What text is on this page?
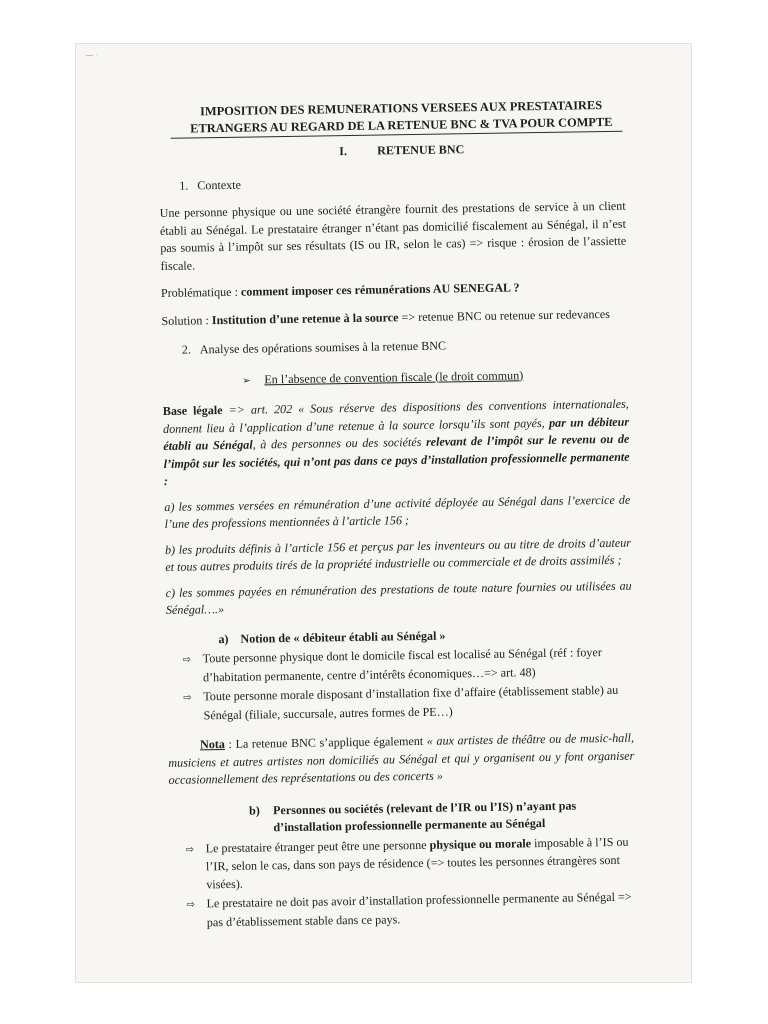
— ·
IMPOSITION DES REMUNERATIONS VERSEES AUX PRESTATAIRES
ETRANGERS AU REGARD DE LA RETENUE BNC & TVA POUR COMPTE
I. RETENUE BNC
1. Contexte

Une personne physique ou une société étrangère fournit des prestations de service à un client établi au Sénégal. Le prestataire étranger n’étant pas domicilié fiscalement au Sénégal, il n’est pas soumis à l’impôt sur ses résultats (IS ou IR, selon le cas) => risque : érosion de l’assiette fiscale.

Problématique : comment imposer ces rémunérations AU SENEGAL ?

Solution : Institution d’une retenue à la source => retenue BNC ou retenue sur redevances

2. Analyse des opérations soumises à la retenue BNC
➢ En l’absence de convention fiscale (le droit commun)

Base légale => art. 202 « Sous réserve des dispositions des conventions internationales, donnent lieu à l’application d’une retenue à la source lorsqu’ils sont payés, par un débiteur établi au Sénégal, à des personnes ou des sociétés relevant de l’impôt sur le revenu ou de l’impôt sur les sociétés, qui n’ont pas dans ce pays d’installation professionnelle permanente :

a) les sommes versées en rémunération d’une activité déployée au Sénégal dans l’exercice de l’une des professions mentionnées à l’article 156 ;

b) les produits définis à l’article 156 et perçus par les inventeurs ou au titre de droits d’auteur et tous autres produits tirés de la propriété industrielle ou commerciale et de droits assimilés ;

c) les sommes payées en rémunération des prestations de toute nature fournies ou utilisées au Sénégal….»

a) Notion de « débiteur établi au Sénégal »
⇨ Toute personne physique dont le domicile fiscal est localisé au Sénégal (réf : foyer d’habitation permanente, centre d’intérêts économiques…=> art. 48)
⇨ Toute personne morale disposant d’installation fixe d’affaire (établissement stable) au Sénégal (filiale, succursale, autres formes de PE…)

Nota : La retenue BNC s’applique également « aux artistes de théâtre ou de music-hall, musiciens et autres artistes non domiciliés au Sénégal et qui y organisent ou y font organiser occasionnellement des représentations ou des concerts »

b) Personnes ou sociétés (relevant de l’IR ou l’IS) n’ayant pas d’installation professionnelle permanente au Sénégal
⇨ Le prestataire étranger peut être une personne physique ou morale imposable à l’IS ou l’IR, selon le cas, dans son pays de résidence (=> toutes les personnes étrangères sont visées).
⇨ Le prestataire ne doit pas avoir d’installation professionnelle permanente au Sénégal => pas d’établissement stable dans ce pays.
